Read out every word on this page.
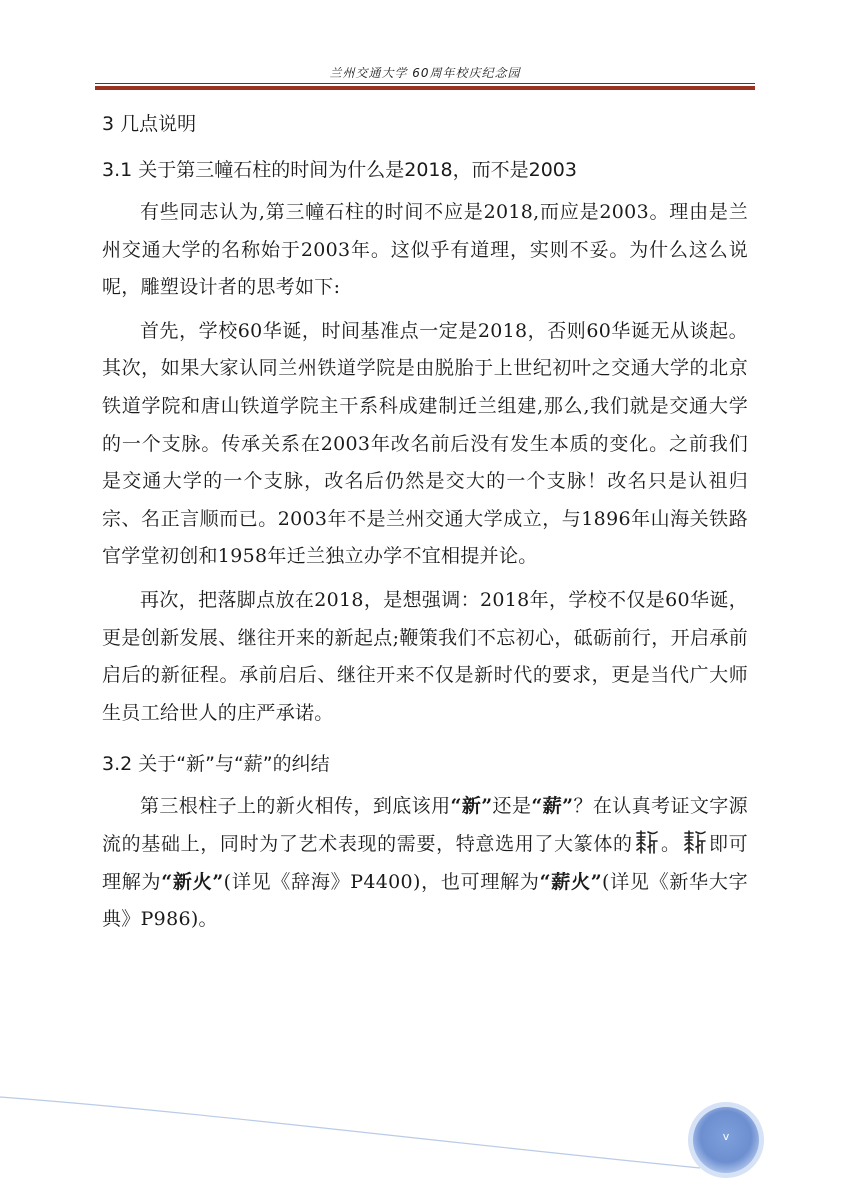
兰州交通大学 60周年校庆纪念园
3 几点说明
3.1 关于第三幢石柱的时间为什么是2018，而不是2003

有些同志认为,第三幢石柱的时间不应是2018,而应是2003。理由是兰州交通大学的名称始于2003年。这似乎有道理，实则不妥。为什么这么说呢，雕塑设计者的思考如下:

首先，学校60华诞，时间基准点一定是2018，否则60华诞无从谈起。其次，如果大家认同兰州铁道学院是由脱胎于上世纪初叶之交通大学的北京铁道学院和唐山铁道学院主干系科成建制迁兰组建,那么,我们就是交通大学的一个支脉。传承关系在2003年改名前后没有发生本质的变化。之前我们是交通大学的一个支脉，改名后仍然是交大的一个支脉！改名只是认祖归宗、名正言顺而已。2003年不是兰州交通大学成立，与1896年山海关铁路官学堂初创和1958年迁兰独立办学不宜相提并论。

再次，把落脚点放在2018，是想强调：2018年，学校不仅是60华诞，更是创新发展、继往开来的新起点;鞭策我们不忘初心，砥砺前行，开启承前启后的新征程。承前启后、继往开来不仅是新时代的要求，更是当代广大师生员工给世人的庄严承诺。

3.2 关于“新”与“薪”的纠结

第三根柱子上的新火相传，到底该用“新”还是“薪”？在认真考证文字源流的基础上，同时为了艺术表现的需要，特意选用了大篆体的 。 即可理解为“新火”(详见《辞海》P4400)，也可理解为“薪火”(详见《新华大字典》P986)。

v
